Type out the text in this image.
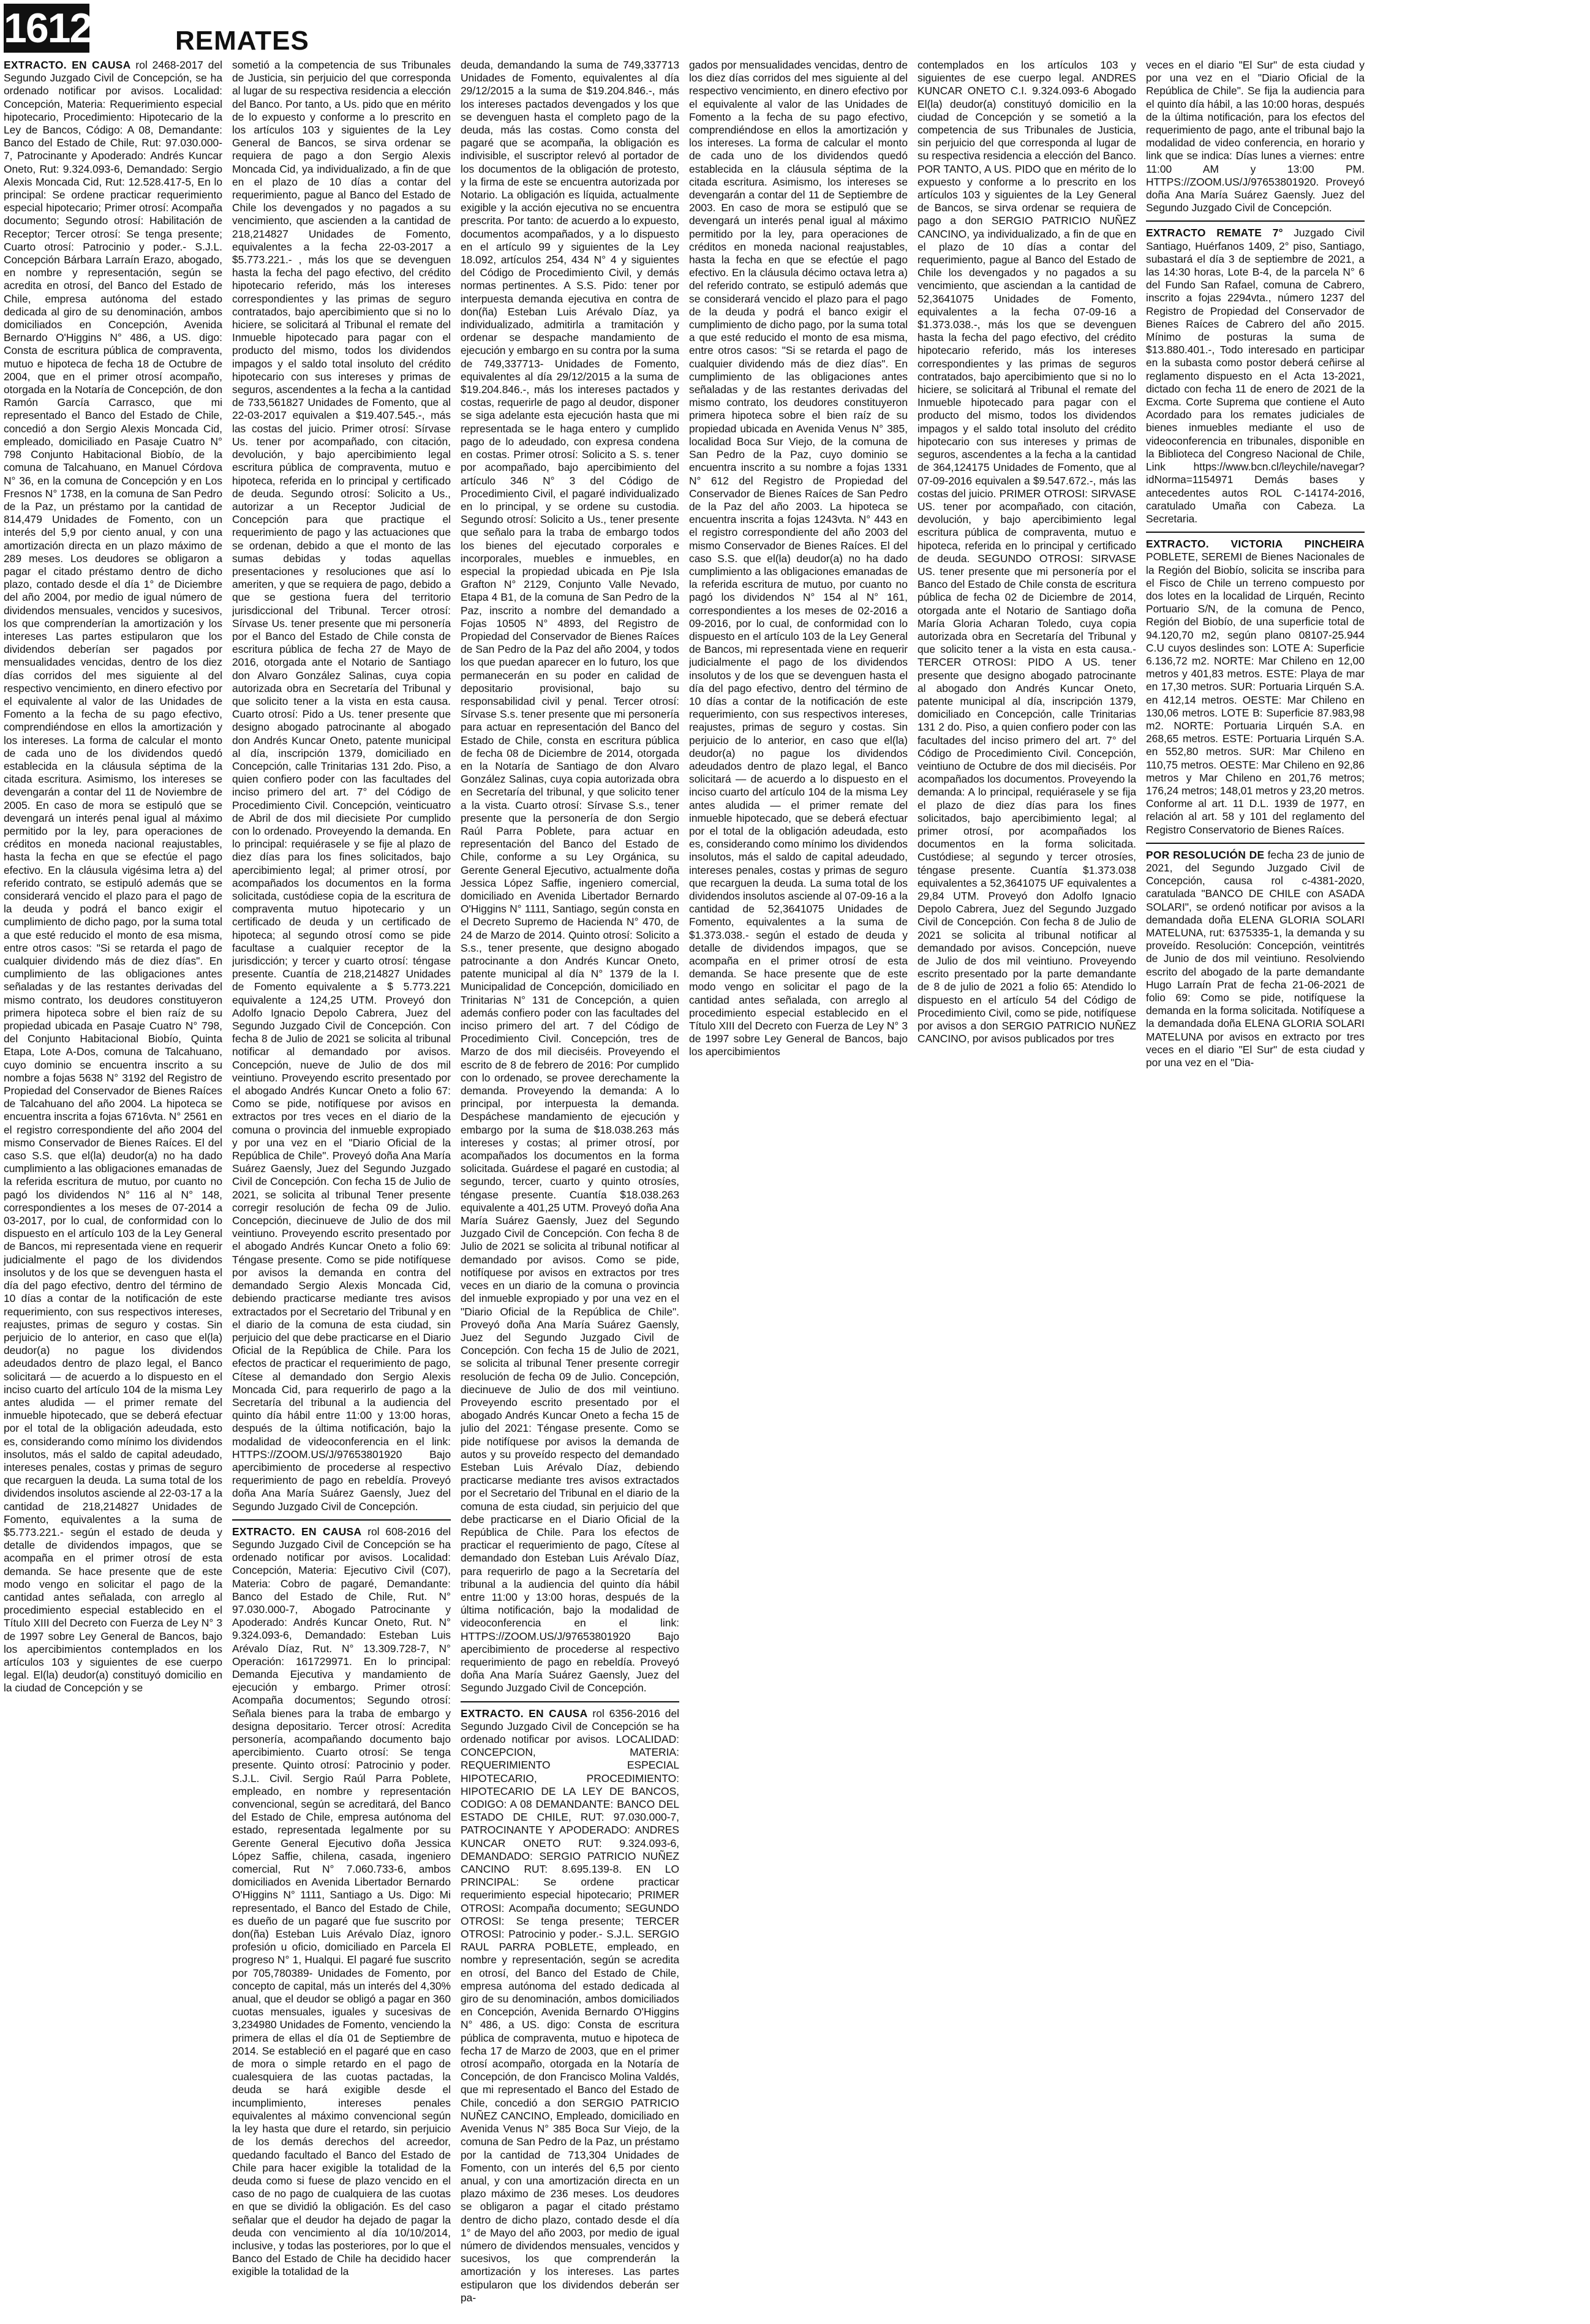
1612	REMATES

EXTRACTO. EN CAUSA rol 2468-2017 del Segundo Juzgado Civil de Concepción, se ha ordenado notificar por avisos. Localidad: Concepción, Materia: Requerimiento especial hipotecario, Procedimiento: Hipotecario de la Ley de Bancos, Código: A 08, Demandante: Banco del Estado de Chile, Rut: 97.030.000-7, Patrocinante y Apoderado: Andrés Kuncar Oneto, Rut: 9.324.093-6, Demandado: Sergio Alexis Moncada Cid, Rut: 12.528.417-5, En lo principal: Se ordene practicar requerimiento especial hipotecario; Primer otrosí: Acompaña documento; Segundo otrosí: Habilitación de Receptor; Tercer otrosí: Se tenga presente; Cuarto otrosí: Patrocinio y poder.- S.J.L. Concepción Bárbara Larraín Erazo, abogado, en nombre y representación, según se acredita en otrosí, del Banco del Estado de Chile, empresa autónoma del estado dedicada al giro de su denominación, ambos domiciliados en Concepción, Avenida Bernardo O'Higgins N° 486, a US. digo: Consta de escritura pública de compraventa, mutuo e hipoteca de fecha 18 de Octubre de 2004, que en el primer otrosí acompaño, otorgada en la Notaría de Concepción, de don Ramón García Carrasco, que mi representado el Banco del Estado de Chile, concedió a don Sergio Alexis Moncada Cid, empleado, domiciliado en Pasaje Cuatro N° 798 Conjunto Habitacional Biobío, de la comuna de Talcahuano, en Manuel Córdova N° 36, en la comuna de Concepción y en Los Fresnos N° 1738, en la comuna de San Pedro de la Paz, un préstamo por la cantidad de 814,479 Unidades de Fomento, con un interés del 5,9 por ciento anual, y con una amortización directa en un plazo máximo de 289 meses. Los deudores se obligaron a pagar el citado préstamo dentro de dicho plazo, contado desde el día 1° de Diciembre del año 2004, por medio de igual número de dividendos mensuales, vencidos y sucesivos, los que comprenderían la amortización y los intereses Las partes estipularon que los dividendos deberían ser pagados por mensualidades vencidas, dentro de los diez días corridos del mes siguiente al del respectivo vencimiento, en dinero efectivo por el equivalente al valor de las Unidades de Fomento a la fecha de su pago efectivo, comprendiéndose en ellos la amortización y los intereses. La forma de calcular el monto de cada uno de los dividendos quedó establecida en la cláusula séptima de la citada escritura. Asimismo, los intereses se devengarán a contar del 11 de Noviembre de 2005. En caso de mora se estipuló que se devengará un interés penal igual al máximo permitido por la ley, para operaciones de créditos en moneda nacional reajustables, hasta la fecha en que se efectúe el pago efectivo. En la cláusula vigésima letra a) del referido contrato, se estipuló además que se considerará vencido el plazo para el pago de la deuda y podrá el banco exigir el cumplimiento de dicho pago, por la suma total a que esté reducido el monto de esa misma, entre otros casos: "Si se retarda el pago de cualquier dividendo más de diez días". En cumplimiento de las obligaciones antes señaladas y de las restantes derivadas del mismo contrato, los deudores constituyeron primera hipoteca sobre el bien raíz de su propiedad ubicada en Pasaje Cuatro N° 798, del Conjunto Habitacional Biobío, Quinta Etapa, Lote A-Dos, comuna de Talcahuano, cuyo dominio se encuentra inscrito a su nombre a fojas 5638 N° 3192 del Registro de Propiedad del Conservador de Bienes Raíces de Talcahuano del año 2004. La hipoteca se encuentra inscrita a fojas 6716vta. N° 2561 en el registro correspondiente del año 2004 del mismo Conservador de Bienes Raíces. El del caso S.S. que el(la) deudor(a) no ha dado cumplimiento a las obligaciones emanadas de la referida escritura de mutuo, por cuanto no pagó los dividendos N° 116 al N° 148, correspondientes a los meses de 07-2014 a 03-2017, por lo cual, de conformidad con lo dispuesto en el artículo 103 de la Ley General de Bancos, mi representada viene en requerir judicialmente el pago de los dividendos insolutos y de los que se devenguen hasta el día del pago efectivo, dentro del término de 10 días a contar de la notificación de este requerimiento, con sus respectivos intereses, reajustes, primas de seguro y costas. Sin perjuicio de lo anterior, en caso que el(la) deudor(a) no pague los dividendos adeudados dentro de plazo legal, el Banco solicitará — de acuerdo a lo dispuesto en el inciso cuarto del artículo 104 de la misma Ley antes aludida — el primer remate del inmueble hipotecado, que se deberá efectuar por el total de la obligación adeudada, esto es, considerando como mínimo los dividendos insolutos, más el saldo de capital adeudado, intereses penales, costas y primas de seguro que recarguen la deuda. La suma total de los dividendos insolutos asciende al 22-03-17 a la cantidad de 218,214827 Unidades de Fomento, equivalentes a la suma de $5.773.221.- según el estado de deuda y detalle de dividendos impagos, que se acompaña en el primer otrosí de esta demanda. Se hace presente que de este modo vengo en solicitar el pago de la cantidad antes señalada, con arreglo al procedimiento especial establecido en el Título XIII del Decreto con Fuerza de Ley N° 3 de 1997 sobre Ley General de Bancos, bajo los apercibimientos contemplados en los artículos 103 y siguientes de ese cuerpo legal. El(la) deudor(a) constituyó domicilio en la ciudad de Concepción y se

sometió a la competencia de sus Tribunales de Justicia, sin perjuicio del que corresponda al lugar de su respectiva residencia a elección del Banco. Por tanto, a Us. pido que en mérito de lo expuesto y conforme a lo prescrito en los artículos 103 y siguientes de la Ley General de Bancos, se sirva ordenar se requiera de pago a don Sergio Alexis Moncada Cid, ya individualizado, a fin de que en el plazo de 10 días a contar del requerimiento, pague al Banco del Estado de Chile los devengados y no pagados a su vencimiento, que ascienden a la cantidad de 218,214827 Unidades de Fomento, equivalentes a la fecha 22-03-2017 a $5.773.221.- , más los que se devenguen hasta la fecha del pago efectivo, del crédito hipotecario referido, más los intereses correspondientes y las primas de seguro contratados, bajo apercibimiento que si no lo hiciere, se solicitará al Tribunal el remate del Inmueble hipotecado para pagar con el producto del mismo, todos los dividendos impagos y el saldo total insoluto del crédito hipotecario con sus intereses y primas de seguros, ascendentes a la fecha a la cantidad de 733,561827 Unidades de Fomento, que al 22-03-2017 equivalen a $19.407.545.-, más las costas del juicio. Primer otrosí: Sírvase Us. tener por acompañado, con citación, devolución, y bajo apercibimiento legal escritura pública de compraventa, mutuo e hipoteca, referida en lo principal y certificado de deuda. Segundo otrosí: Solicito a Us., autorizar a un Receptor Judicial de Concepción para que practique el requerimiento de pago y las actuaciones que se ordenan, debido a que el monto de las sumas debidas y todas aquellas presentaciones y resoluciones que así lo ameriten, y que se requiera de pago, debido a que se gestiona fuera del territorio jurisdiccional del Tribunal. Tercer otrosí: Sírvase Us. tener presente que mi personería por el Banco del Estado de Chile consta de escritura pública de fecha 27 de Mayo de 2016, otorgada ante el Notario de Santiago don Alvaro González Salinas, cuya copia autorizada obra en Secretaría del Tribunal y que solicito tener a la vista en esta causa. Cuarto otrosí: Pido a Us. tener presente que designo abogado patrocinante al abogado don Andrés Kuncar Oneto, patente municipal al día, inscripción 1379, domiciliado en Concepción, calle Trinitarias 131 2do. Piso, a quien confiero poder con las facultades del inciso primero del art. 7° del Código de Procedimiento Civil. Concepción, veinticuatro de Abril de dos mil diecisiete Por cumplido con lo ordenado. Proveyendo la demanda. En lo principal: requiérasele y se fije al plazo de diez días para los fines solicitados, bajo apercibimiento legal; al primer otrosí, por acompañados los documentos en la forma solicitada, custódiese copia de la escritura de compraventa mutuo hipotecario y un certificado de deuda y un certificado de hipoteca; al segundo otrosí como se pide facultase a cualquier receptor de la jurisdicción; y tercer y cuarto otrosí: téngase presente. Cuantía de 218,214827 Unidades de Fomento equivalente a $ 5.773.221 equivalente a 124,25 UTM. Proveyó don Adolfo Ignacio Depolo Cabrera, Juez del Segundo Juzgado Civil de Concepción. Con fecha 8 de Julio de 2021 se solicita al tribunal notificar al demandado por avisos. Concepción, nueve de Julio de dos mil veintiuno. Proveyendo escrito presentado por el abogado Andrés Kuncar Oneto a folio 67: Como se pide, notifíquese por avisos en extractos por tres veces en el diario de la comuna o provincia del inmueble expropiado y por una vez en el "Diario Oficial de la República de Chile". Proveyó doña Ana María Suárez Gaensly, Juez del Segundo Juzgado Civil de Concepción. Con fecha 15 de Julio de 2021, se solicita al tribunal Tener presente corregir resolución de fecha 09 de Julio. Concepción, diecinueve de Julio de dos mil veintiuno. Proveyendo escrito presentado por el abogado Andrés Kuncar Oneto a folio 69: Téngase presente. Como se pide notifíquese por avisos la demanda en contra del demandado Sergio Alexis Moncada Cid, debiendo practicarse mediante tres avisos extractados por el Secretario del Tribunal y en el diario de la comuna de esta ciudad, sin perjuicio del que debe practicarse en el Diario Oficial de la República de Chile. Para los efectos de practicar el requerimiento de pago, Cítese al demandado don Sergio Alexis Moncada Cid, para requerirlo de pago a la Secretaría del tribunal a la audiencia del quinto día hábil entre 11:00 y 13:00 horas, después de la última notificación, bajo la modalidad de videoconferencia en el link: HTTPS://ZOOM.US/J/97653801920 Bajo apercibimiento de procederse al respectivo requerimiento de pago en rebeldía. Proveyó doña Ana María Suárez Gaensly, Juez del Segundo Juzgado Civil de Concepción.

EXTRACTO. EN CAUSA rol 608-2016 del Segundo Juzgado Civil de Concepción se ha ordenado notificar por avisos. Localidad: Concepción, Materia: Ejecutivo Civil (C07), Materia: Cobro de pagaré, Demandante: Banco del Estado de Chile, Rut. N° 97.030.000-7, Abogado Patrocinante y Apoderado: Andrés Kuncar Oneto, Rut. N° 9.324.093-6, Demandado: Esteban Luis Arévalo Díaz, Rut. N° 13.309.728-7, N° Operación: 161729971. En lo principal: Demanda Ejecutiva y mandamiento de ejecución y embargo. Primer otrosí: Acompaña documentos; Segundo otrosí: Señala bienes para la traba de embargo y designa depositario. Tercer otrosí: Acredita personería, acompañando documento bajo apercibimiento. Cuarto otrosí: Se tenga presente. Quinto otrosí: Patrocinio y poder. S.J.L. Civil. Sergio Raúl Parra Poblete, empleado, en nombre y representación convencional, según se acreditará, del Banco del Estado de Chile, empresa autónoma del estado, representada legalmente por su Gerente General Ejecutivo doña Jessica López Saffie, chilena, casada, ingeniero comercial, Rut N° 7.060.733-6, ambos domiciliados en Avenida Libertador Bernardo O'Higgins N° 1111, Santiago a Us. Digo: Mi representado, el Banco del Estado de Chile, es dueño de un pagaré que fue suscrito por don(ña) Esteban Luis Arévalo Díaz, ignoro profesión u oficio, domiciliado en Parcela El progreso N° 1, Hualqui. El pagaré fue suscrito por 705,780389- Unidades de Fomento, por concepto de capital, más un interés del 4,30% anual, que el deudor se obligó a pagar en 360 cuotas mensuales, iguales y sucesivas de 3,234980 Unidades de Fomento, venciendo la primera de ellas el día 01 de Septiembre de 2014. Se estableció en el pagaré que en caso de mora o simple retardo en el pago de cualesquiera de las cuotas pactadas, la deuda se hará exigible desde el incumplimiento, intereses penales equivalentes al máximo convencional según la ley hasta que dure el retardo, sin perjuicio de los demás derechos del acreedor, quedando facultado el Banco del Estado de Chile para hacer exigible la totalidad de la deuda como si fuese de plazo vencido en el caso de no pago de cualquiera de las cuotas en que se dividió la obligación. Es del caso señalar que el deudor ha dejado de pagar la deuda con vencimiento al día 10/10/2014, inclusive, y todas las posteriores, por lo que el Banco del Estado de Chile ha decidido hacer exigible la totalidad de la

deuda, demandando la suma de 749,337713 Unidades de Fomento, equivalentes al día 29/12/2015 a la suma de $19.204.846.-, más los intereses pactados devengados y los que se devenguen hasta el completo pago de la deuda, más las costas. Como consta del pagaré que se acompaña, la obligación es indivisible, el suscriptor relevó al portador de los documentos de la obligación de protesto, y la firma de este se encuentra autorizada por Notario. La obligación es líquida, actualmente exigible y la acción ejecutiva no se encuentra prescrita. Por tanto: de acuerdo a lo expuesto, documentos acompañados, y a lo dispuesto en el artículo 99 y siguientes de la Ley 18.092, artículos 254, 434 N° 4 y siguientes del Código de Procedimiento Civil, y demás normas pertinentes. A S.S. Pido: tener por interpuesta demanda ejecutiva en contra de don(ña) Esteban Luis Arévalo Díaz, ya individualizado, admitirla a tramitación y ordenar se despache mandamiento de ejecución y embargo en su contra por la suma de 749,337713- Unidades de Fomento, equivalentes al día 29/12/2015 a la suma de $19.204.846.-, más los intereses pactados y costas, requerirle de pago al deudor, disponer se siga adelante esta ejecución hasta que mi representada se le haga entero y cumplido pago de lo adeudado, con expresa condena en costas. Primer otrosí: Solicito a S. s. tener por acompañado, bajo apercibimiento del artículo 346 N° 3 del Código de Procedimiento Civil, el pagaré individualizado en lo principal, y se ordene su custodia. Segundo otrosí: Solicito a Us., tener presente que señalo para la traba de embargo todos los bienes del ejecutado corporales e incorporales, muebles e inmuebles, en especial la propiedad ubicada en Pje Isla Grafton N° 2129, Conjunto Valle Nevado, Etapa 4 B1, de la comuna de San Pedro de la Paz, inscrito a nombre del demandado a Fojas 10505 N° 4893, del Registro de Propiedad del Conservador de Bienes Raíces de San Pedro de la Paz del año 2004, y todos los que puedan aparecer en lo futuro, los que permanecerán en su poder en calidad de depositario provisional, bajo su responsabilidad civil y penal. Tercer otrosí: Sírvase S.s. tener presente que mi personería para actuar en representación del Banco del Estado de Chile, consta en escritura pública de fecha 08 de Diciembre de 2014, otorgada en la Notaría de Santiago de don Alvaro González Salinas, cuya copia autorizada obra en Secretaría del tribunal, y que solicito tener a la vista. Cuarto otrosí: Sírvase S.s., tener presente que la personería de don Sergio Raúl Parra Poblete, para actuar en representación del Banco del Estado de Chile, conforme a su Ley Orgánica, su Gerente General Ejecutivo, actualmente doña Jessica López Saffie, ingeniero comercial, domiciliado en Avenida Libertador Bernardo O'Higgins N° 1111, Santiago, según consta en el Decreto Supremo de Hacienda N° 470, de 24 de Marzo de 2014. Quinto otrosí: Solicito a S.s., tener presente, que designo abogado patrocinante a don Andrés Kuncar Oneto, patente municipal al día N° 1379 de la I. Municipalidad de Concepción, domiciliado en Trinitarias N° 131 de Concepción, a quien además confiero poder con las facultades del inciso primero del art. 7 del Código de Procedimiento Civil. Concepción, tres de Marzo de dos mil dieciséis. Proveyendo el escrito de 8 de febrero de 2016: Por cumplido con lo ordenado, se provee derechamente la demanda. Proveyendo la demanda: A lo principal, por interpuesta la demanda. Despáchese mandamiento de ejecución y embargo por la suma de $18.038.263 más intereses y costas; al primer otrosí, por acompañados los documentos en la forma solicitada. Guárdese el pagaré en custodia; al segundo, tercer, cuarto y quinto otrosíes, téngase presente. Cuantía $18.038.263 equivalente a 401,25 UTM. Proveyó doña Ana María Suárez Gaensly, Juez del Segundo Juzgado Civil de Concepción. Con fecha 8 de Julio de 2021 se solicita al tribunal notificar al demandado por avisos. Como se pide, notifíquese por avisos en extractos por tres veces en un diario de la comuna o provincia del inmueble expropiado y por una vez en el "Diario Oficial de la República de Chile". Proveyó doña Ana María Suárez Gaensly, Juez del Segundo Juzgado Civil de Concepción. Con fecha 15 de Julio de 2021, se solicita al tribunal Tener presente corregir resolución de fecha 09 de Julio. Concepción, diecinueve de Julio de dos mil veintiuno. Proveyendo escrito presentado por el abogado Andrés Kuncar Oneto a fecha 15 de julio del 2021: Téngase presente. Como se pide notifíquese por avisos la demanda de autos y su proveído respecto del demandado Esteban Luis Arévalo Díaz, debiendo practicarse mediante tres avisos extractados por el Secretario del Tribunal en el diario de la comuna de esta ciudad, sin perjuicio del que debe practicarse en el Diario Oficial de la República de Chile. Para los efectos de practicar el requerimiento de pago, Cítese al demandado don Esteban Luis Arévalo Díaz, para requerirlo de pago a la Secretaría del tribunal a la audiencia del quinto día hábil entre 11:00 y 13:00 horas, después de la última notificación, bajo la modalidad de videoconferencia en el link: HTTPS://ZOOM.US/J/97653801920 Bajo apercibimiento de procederse al respectivo requerimiento de pago en rebeldía. Proveyó doña Ana María Suárez Gaensly, Juez del Segundo Juzgado Civil de Concepción.

EXTRACTO. EN CAUSA rol 6356-2016 del Segundo Juzgado Civil de Concepción se ha ordenado notificar por avisos. LOCALIDAD: CONCEPCION, MATERIA: REQUERIMIENTO ESPECIAL HIPOTECARIO, PROCEDIMIENTO: HIPOTECARIO DE LA LEY DE BANCOS, CODIGO: A 08 DEMANDANTE: BANCO DEL ESTADO DE CHILE, RUT: 97.030.000-7, PATROCINANTE Y APODERADO: ANDRES KUNCAR ONETO RUT: 9.324.093-6, DEMANDADO: SERGIO PATRICIO NUÑEZ CANCINO RUT: 8.695.139-8. EN LO PRINCIPAL: Se ordene practicar requerimiento especial hipotecario; PRIMER OTROSI: Acompaña documento; SEGUNDO OTROSI: Se tenga presente; TERCER OTROSI: Patrocinio y poder.- S.J.L. SERGIO RAUL PARRA POBLETE, empleado, en nombre y representación, según se acredita en otrosí, del Banco del Estado de Chile, empresa autónoma del estado dedicada al giro de su denominación, ambos domiciliados en Concepción, Avenida Bernardo O'Higgins N° 486, a US. digo: Consta de escritura pública de compraventa, mutuo e hipoteca de fecha 17 de Marzo de 2003, que en el primer otrosí acompaño, otorgada en la Notaría de Concepción, de don Francisco Molina Valdés, que mi representado el Banco del Estado de Chile, concedió a don SERGIO PATRICIO NUÑEZ CANCINO, Empleado, domiciliado en Avenida Venus N° 385 Boca Sur Viejo, de la comuna de San Pedro de la Paz, un préstamo por la cantidad de 713,304 Unidades de Fomento, con un interés del 6,5 por ciento anual, y con una amortización directa en un plazo máximo de 236 meses. Los deudores se obligaron a pagar el citado préstamo dentro de dicho plazo, contado desde el día 1° de Mayo del año 2003, por medio de igual número de dividendos mensuales, vencidos y sucesivos, los que comprenderán la amortización y los intereses. Las partes estipularon que los dividendos deberán ser pa-

gados por mensualidades vencidas, dentro de los diez días corridos del mes siguiente al del respectivo vencimiento, en dinero efectivo por el equivalente al valor de las Unidades de Fomento a la fecha de su pago efectivo, comprendiéndose en ellos la amortización y los intereses. La forma de calcular el monto de cada uno de los dividendos quedó establecida en la cláusula séptima de la citada escritura. Asimismo, los intereses se devengarán a contar del 11 de Septiembre de 2003. En caso de mora se estipuló que se devengará un interés penal igual al máximo permitido por la ley, para operaciones de créditos en moneda nacional reajustables, hasta la fecha en que se efectúe el pago efectivo. En la cláusula décimo octava letra a) del referido contrato, se estipuló además que se considerará vencido el plazo para el pago de la deuda y podrá el banco exigir el cumplimiento de dicho pago, por la suma total a que esté reducido el monto de esa misma, entre otros casos: "Si se retarda el pago de cualquier dividendo más de diez días". En cumplimiento de las obligaciones antes señaladas y de las restantes derivadas del mismo contrato, los deudores constituyeron primera hipoteca sobre el bien raíz de su propiedad ubicada en Avenida Venus N° 385, localidad Boca Sur Viejo, de la comuna de San Pedro de la Paz, cuyo dominio se encuentra inscrito a su nombre a fojas 1331 N° 612 del Registro de Propiedad del Conservador de Bienes Raíces de San Pedro de la Paz del año 2003. La hipoteca se encuentra inscrita a fojas 1243vta. N° 443 en el registro correspondiente del año 2003 del mismo Conservador de Bienes Raíces. El del caso S.S. que el(la) deudor(a) no ha dado cumplimiento a las obligaciones emanadas de la referida escritura de mutuo, por cuanto no pagó los dividendos N° 154 al N° 161, correspondientes a los meses de 02-2016 a 09-2016, por lo cual, de conformidad con lo dispuesto en el artículo 103 de la Ley General de Bancos, mi representada viene en requerir judicialmente el pago de los dividendos insolutos y de los que se devenguen hasta el día del pago efectivo, dentro del término de 10 días a contar de la notificación de este requerimiento, con sus respectivos intereses, reajustes, primas de seguro y costas. Sin perjuicio de lo anterior, en caso que el(la) deudor(a) no pague los dividendos adeudados dentro de plazo legal, el Banco solicitará — de acuerdo a lo dispuesto en el inciso cuarto del artículo 104 de la misma Ley antes aludida — el primer remate del inmueble hipotecado, que se deberá efectuar por el total de la obligación adeudada, esto es, considerando como mínimo los dividendos insolutos, más el saldo de capital adeudado, intereses penales, costas y primas de seguro que recarguen la deuda. La suma total de los dividendos insolutos asciende al 07-09-16 a la cantidad de 52,3641075 Unidades de Fomento, equivalentes a la suma de $1.373.038.- según el estado de deuda y detalle de dividendos impagos, que se acompaña en el primer otrosí de esta demanda. Se hace presente que de este modo vengo en solicitar el pago de la cantidad antes señalada, con arreglo al procedimiento especial establecido en el Título XIII del Decreto con Fuerza de Ley N° 3 de 1997 sobre Ley General de Bancos, bajo los apercibimientos

contemplados en los artículos 103 y siguientes de ese cuerpo legal. ANDRES KUNCAR ONETO C.I. 9.324.093-6 Abogado El(la) deudor(a) constituyó domicilio en la ciudad de Concepción y se sometió a la competencia de sus Tribunales de Justicia, sin perjuicio del que corresponda al lugar de su respectiva residencia a elección del Banco. POR TANTO, A US. PIDO que en mérito de lo expuesto y conforme a lo prescrito en los artículos 103 y siguientes de la Ley General de Bancos, se sirva ordenar se requiera de pago a don SERGIO PATRICIO NUÑEZ CANCINO, ya individualizado, a fin de que en el plazo de 10 días a contar del requerimiento, pague al Banco del Estado de Chile los devengados y no pagados a su vencimiento, que asciendan a la cantidad de 52,3641075 Unidades de Fomento, equivalentes a la fecha 07-09-16 a $1.373.038.-, más los que se devenguen hasta la fecha del pago efectivo, del crédito hipotecario referido, más los intereses correspondientes y las primas de seguros contratados, bajo apercibimiento que si no lo hiciere, se solicitará al Tribunal el remate del Inmueble hipotecado para pagar con el producto del mismo, todos los dividendos impagos y el saldo total insoluto del crédito hipotecario con sus intereses y primas de seguros, ascendentes a la fecha a la cantidad de 364,124175 Unidades de Fomento, que al 07-09-2016 equivalen a $9.547.672.-, más las costas del juicio. PRIMER OTROSI: SIRVASE US. tener por acompañado, con citación, devolución, y bajo apercibimiento legal escritura pública de compraventa, mutuo e hipoteca, referida en lo principal y certificado de deuda. SEGUNDO OTROSI: SIRVASE US. tener presente que mi personería por el Banco del Estado de Chile consta de escritura pública de fecha 02 de Diciembre de 2014, otorgada ante el Notario de Santiago doña María Gloria Acharan Toledo, cuya copia autorizada obra en Secretaría del Tribunal y que solicito tener a la vista en esta causa.- TERCER OTROSI: PIDO A US. tener presente que designo abogado patrocinante al abogado don Andrés Kuncar Oneto, patente municipal al día, inscripción 1379, domiciliado en Concepción, calle Trinitarias 131 2 do. Piso, a quien confiero poder con las facultades del inciso primero del art. 7° del Código de Procedimiento Civil. Concepción, veintiuno de Octubre de dos mil dieciséis. Por acompañados los documentos. Proveyendo la demanda: A lo principal, requiérasele y se fija el plazo de diez días para los fines solicitados, bajo apercibimiento legal; al primer otrosí, por acompañados los documentos en la forma solicitada. Custódiese; al segundo y tercer otrosíes, téngase presente. Cuantía $1.373.038 equivalentes a 52,3641075 UF equivalentes a 29,84 UTM. Proveyó don Adolfo Ignacio Depolo Cabrera, Juez del Segundo Juzgado Civil de Concepción. Con fecha 8 de Julio de 2021 se solicita al tribunal notificar al demandado por avisos. Concepción, nueve de Julio de dos mil veintiuno. Proveyendo escrito presentado por la parte demandante de 8 de julio de 2021 a folio 65: Atendido lo dispuesto en el artículo 54 del Código de Procedimiento Civil, como se pide, notifíquese por avisos a don SERGIO PATRICIO NUÑEZ CANCINO, por avisos publicados por tres

veces en el diario "El Sur" de esta ciudad y por una vez en el "Diario Oficial de la República de Chile". Se fija la audiencia para el quinto día hábil, a las 10:00 horas, después de la última notificación, para los efectos del requerimiento de pago, ante el tribunal bajo la modalidad de video conferencia, en horario y link que se indica: Días lunes a viernes: entre 11:00 AM y 13:00 PM. HTTPS://ZOOM.US/J/97653801920. Proveyó doña Ana María Suárez Gaensly. Juez del Segundo Juzgado Civil de Concepción.

EXTRACTO REMATE 7° Juzgado Civil Santiago, Huérfanos 1409, 2° piso, Santiago, subastará el día 3 de septiembre de 2021, a las 14:30 horas, Lote B-4, de la parcela N° 6 del Fundo San Rafael, comuna de Cabrero, inscrito a fojas 2294vta., número 1237 del Registro de Propiedad del Conservador de Bienes Raíces de Cabrero del año 2015. Mínimo de posturas la suma de $13.880.401.-, Todo interesado en participar en la subasta como postor deberá ceñirse al reglamento dispuesto en el Acta 13-2021, dictado con fecha 11 de enero de 2021 de la Excma. Corte Suprema que contiene el Auto Acordado para los remates judiciales de bienes inmuebles mediante el uso de videoconferencia en tribunales, disponible en la Biblioteca del Congreso Nacional de Chile, Link https://www.bcn.cl/leychile/navegar?idNorma=1154971 Demás bases y antecedentes autos ROL C-14174-2016, caratulado Umaña con Cabeza. La Secretaria.

EXTRACTO. VICTORIA PINCHEIRA POBLETE, SEREMI de Bienes Nacionales de la Región del Biobío, solicita se inscriba para el Fisco de Chile un terreno compuesto por dos lotes en la localidad de Lirquén, Recinto Portuario S/N, de la comuna de Penco, Región del Biobío, de una superficie total de 94.120,70 m2, según plano 08107-25.944 C.U cuyos deslindes son: LOTE A: Superficie 6.136,72 m2. NORTE: Mar Chileno en 12,00 metros y 401,83 metros. ESTE: Playa de mar en 17,30 metros. SUR: Portuaria Lirquén S.A. en 412,14 metros. OESTE: Mar Chileno en 130,06 metros. LOTE B: Superficie 87.983,98 m2. NORTE: Portuaria Lirquén S.A. en 268,65 metros. ESTE: Portuaria Lirquén S.A. en 552,80 metros. SUR: Mar Chileno en 110,75 metros. OESTE: Mar Chileno en 92,86 metros y Mar Chileno en 201,76 metros; 176,24 metros; 148,01 metros y 23,20 metros. Conforme al art. 11 D.L. 1939 de 1977, en relación al art. 58 y 101 del reglamento del Registro Conservatorio de Bienes Raíces.

POR RESOLUCIÓN DE fecha 23 de junio de 2021, del Segundo Juzgado Civil de Concepción, causa rol c-4381-2020, caratulada "BANCO DE CHILE con ASADA SOLARI", se ordenó notificar por avisos a la demandada doña ELENA GLORIA SOLARI MATELUNA, rut: 6375335-1, la demanda y su proveído. Resolución: Concepción, veintitrés de Junio de dos mil veintiuno. Resolviendo escrito del abogado de la parte demandante Hugo Larraín Prat de fecha 21-06-2021 de folio 69: Como se pide, notifíquese la demanda en la forma solicitada. Notifíquese a la demandada doña ELENA GLORIA SOLARI MATELUNA por avisos en extracto por tres veces en el diario "El Sur" de esta ciudad y por una vez en el "Dia-
